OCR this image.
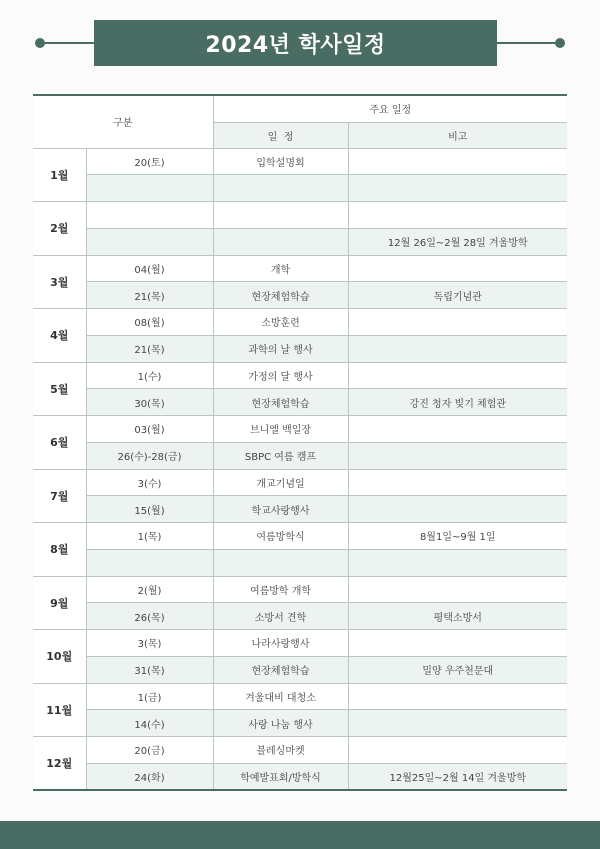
2024년 학사일정
구분		주요 일정	
		일  정	비고
1월	20(토)	입학설명회	

2월			
			12월 26일~2월 28일 겨울방학
3월	04(월)	개학	
	21(목)	현장체험학습	독립기념관
4월	08(월)	소방훈련	
	21(목)	과학의 날 행사	
5월	1(수)	가정의 달 행사	
	30(목)	현장체험학습	강진 청자 빚기 체험관
6월	03(월)	브니엘 백일장	
	26(수)-28(금)	SBPC 여름 캠프	
7월	3(수)	개교기념일	
	15(월)	학교사랑행사	
8월	1(목)	여름방학식	8월1일~9월 1일

9월	2(월)	여름방학 개학	
	26(목)	소방서 견학	평택소방서
10월	3(목)	나라사랑행사	
	31(목)	현장체험학습	밀양 우주천문대
11월	1(금)	겨울대비 대청소	
	14(수)	사랑 나눔 행사	
12월	20(금)	블레싱마켓	
	24(화)	학예발표회/방학식	12월25일~2월 14일 겨울방학
